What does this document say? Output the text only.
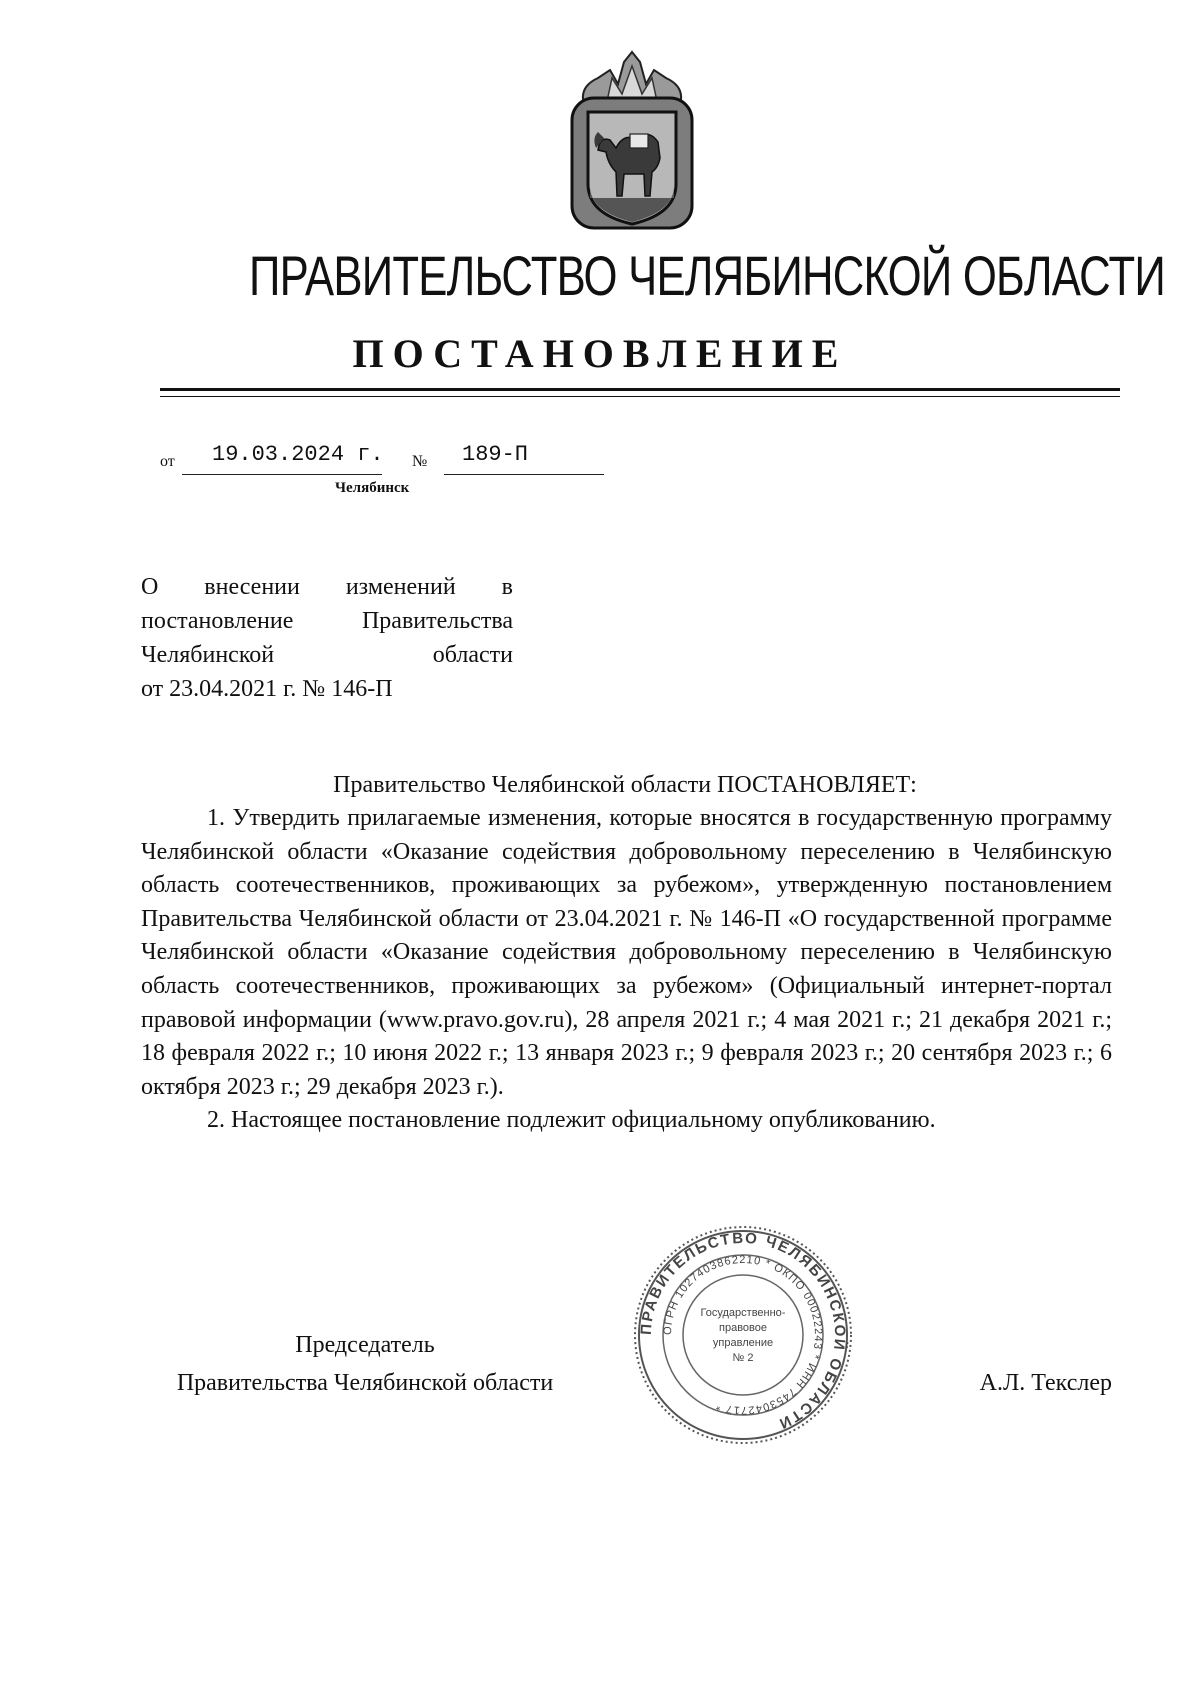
ПРАВИТЕЛЬСТВО ЧЕЛЯБИНСКОЙ ОБЛАСТИ
ПОСТАНОВЛЕНИЕ
от 19.03.2024 г. № 189-П
Челябинск
О внесении изменений в
постановление Правительства
Челябинской области
от 23.04.2021 г. № 146-П
Правительство Челябинской области ПОСТАНОВЛЯЕТ:

1. Утвердить прилагаемые изменения, которые вносятся в государственную программу Челябинской области «Оказание содействия добровольному переселению в Челябинскую область соотечественников, проживающих за рубежом», утвержденную постановлением Правительства Челябинской области от 23.04.2021 г. № 146-П «О государственной программе Челябинской области «Оказание содействия добровольному переселению в Челябинскую область соотечественников, проживающих за рубежом» (Официальный интернет-портал правовой информации (www.pravo.gov.ru), 28 апреля 2021 г.; 4 мая 2021 г.; 21 декабря 2021 г.; 18 февраля 2022 г.; 10 июня 2022 г.; 13 января 2023 г.; 9 февраля 2023 г.; 20 сентября 2023 г.; 6 октября 2023 г.; 29 декабря 2023 г.).

2. Настоящее постановление подлежит официальному опубликованию.

Председатель
Правительства Челябинской области
ПРАВИТЕЛЬСТВО ЧЕЛЯБИНСКОЙ ОБЛАСТИ
ОГРН 1027403862210 * ОКПО 00022243 * ИНН 7453042717 *
Государственно-
правовое
управление
№ 2
А.Л. Текслер
